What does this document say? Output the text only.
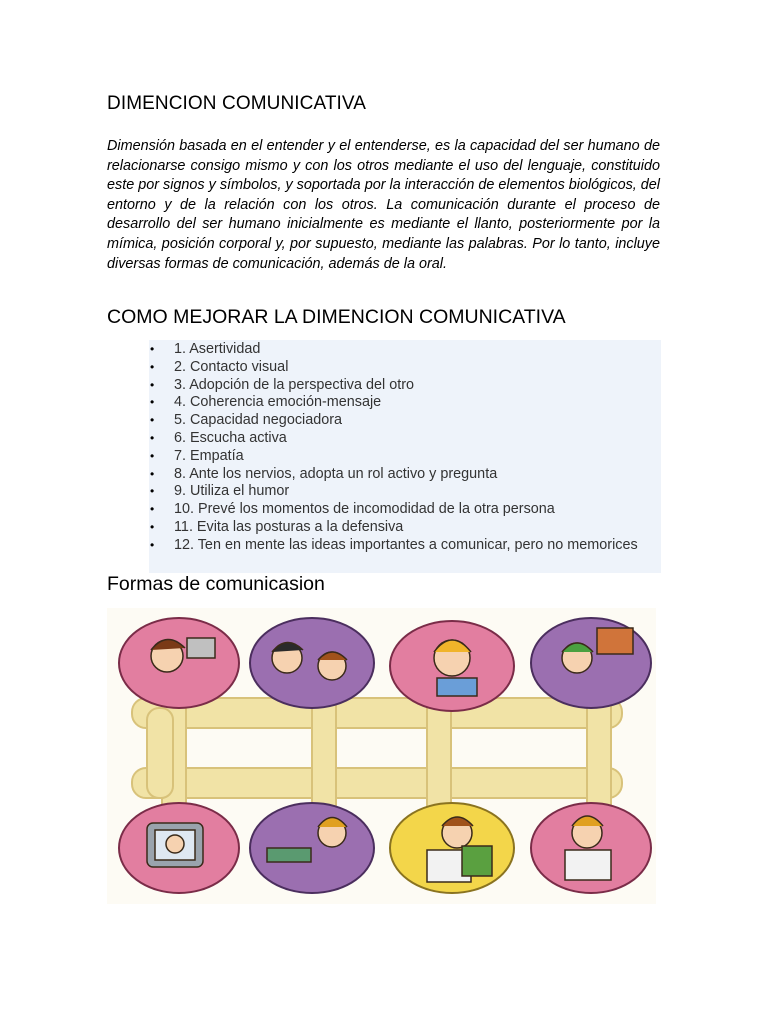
DIMENCION COMUNICATIVA

Dimensión basada en el entender y el entenderse, es la capacidad del ser humano de relacionarse consigo mismo y con los otros mediante el uso del lenguaje, constituido este por signos y símbolos, y soportada por la interacción de elementos biológicos, del entorno y de la relación con los otros. La comunicación durante el proceso de desarrollo del ser humano inicialmente es mediante el llanto, posteriormente por la mímica, posición corporal y, por supuesto, mediante las palabras. Por lo tanto, incluye diversas formas de comunicación, además de la oral.

COMO MEJORAR LA DIMENCION COMUNICATIVA
• 1. Asertividad
• 2. Contacto visual
• 3. Adopción de la perspectiva del otro
• 4. Coherencia emoción-mensaje
• 5. Capacidad negociadora
• 6. Escucha activa
• 7. Empatía
• 8. Ante los nervios, adopta un rol activo y pregunta
• 9. Utiliza el humor
• 10. Prevé los momentos de incomodidad de la otra persona
• 11. Evita las posturas a la defensiva
• 12. Ten en mente las ideas importantes a comunicar, pero no memorices
Formas de comunicasion
